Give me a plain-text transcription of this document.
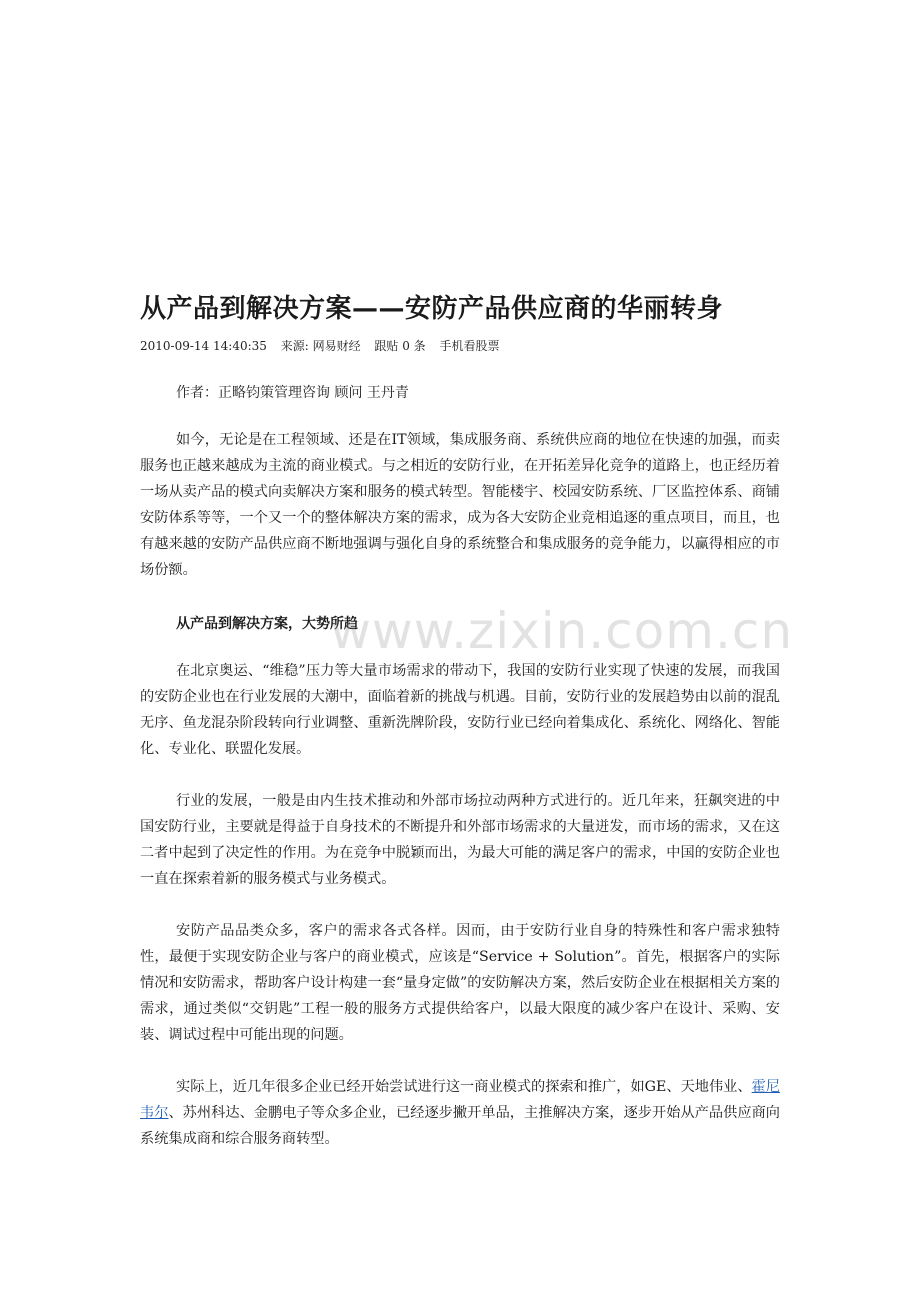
从产品到解决方案——安防产品供应商的华丽转身
2010-09-14 14:40:35 来源: 网易财经 跟贴 0 条 手机看股票
作者：正略钧策管理咨询 顾问 王丹青

如今，无论是在工程领域、还是在IT领域，集成服务商、系统供应商的地位在快速的加强，而卖服务也正越来越成为主流的商业模式。与之相近的安防行业，在开拓差异化竞争的道路上，也正经历着一场从卖产品的模式向卖解决方案和服务的模式转型。智能楼宇、校园安防系统、厂区监控体系、商铺安防体系等等，一个又一个的整体解决方案的需求，成为各大安防企业竞相追逐的重点项目，而且，也有越来越的安防产品供应商不断地强调与强化自身的系统整合和集成服务的竞争能力，以赢得相应的市场份额。

从产品到解决方案，大势所趋

在北京奥运、“维稳”压力等大量市场需求的带动下，我国的安防行业实现了快速的发展，而我国的安防企业也在行业发展的大潮中，面临着新的挑战与机遇。目前，安防行业的发展趋势由以前的混乱无序、鱼龙混杂阶段转向行业调整、重新洗牌阶段，安防行业已经向着集成化、系统化、网络化、智能化、专业化、联盟化发展。

行业的发展，一般是由内生技术推动和外部市场拉动两种方式进行的。近几年来，狂飙突进的中国安防行业，主要就是得益于自身技术的不断提升和外部市场需求的大量迸发，而市场的需求，又在这二者中起到了决定性的作用。为在竞争中脱颖而出，为最大可能的满足客户的需求，中国的安防企业也一直在探索着新的服务模式与业务模式。

安防产品品类众多，客户的需求各式各样。因而，由于安防行业自身的特殊性和客户需求独特性，最便于实现安防企业与客户的商业模式，应该是“Service + Solution”。首先，根据客户的实际情况和安防需求，帮助客户设计构建一套“量身定做”的安防解决方案，然后安防企业在根据相关方案的需求，通过类似“交钥匙”工程一般的服务方式提供给客户，以最大限度的减少客户在设计、采购、安装、调试过程中可能出现的问题。

实际上，近几年很多企业已经开始尝试进行这一商业模式的探索和推广，如GE、天地伟业、霍尼韦尔、苏州科达、金鹏电子等众多企业，已经逐步撇开单品，主推解决方案，逐步开始从产品供应商向系统集成商和综合服务商转型。

www.zixin.com.cn
